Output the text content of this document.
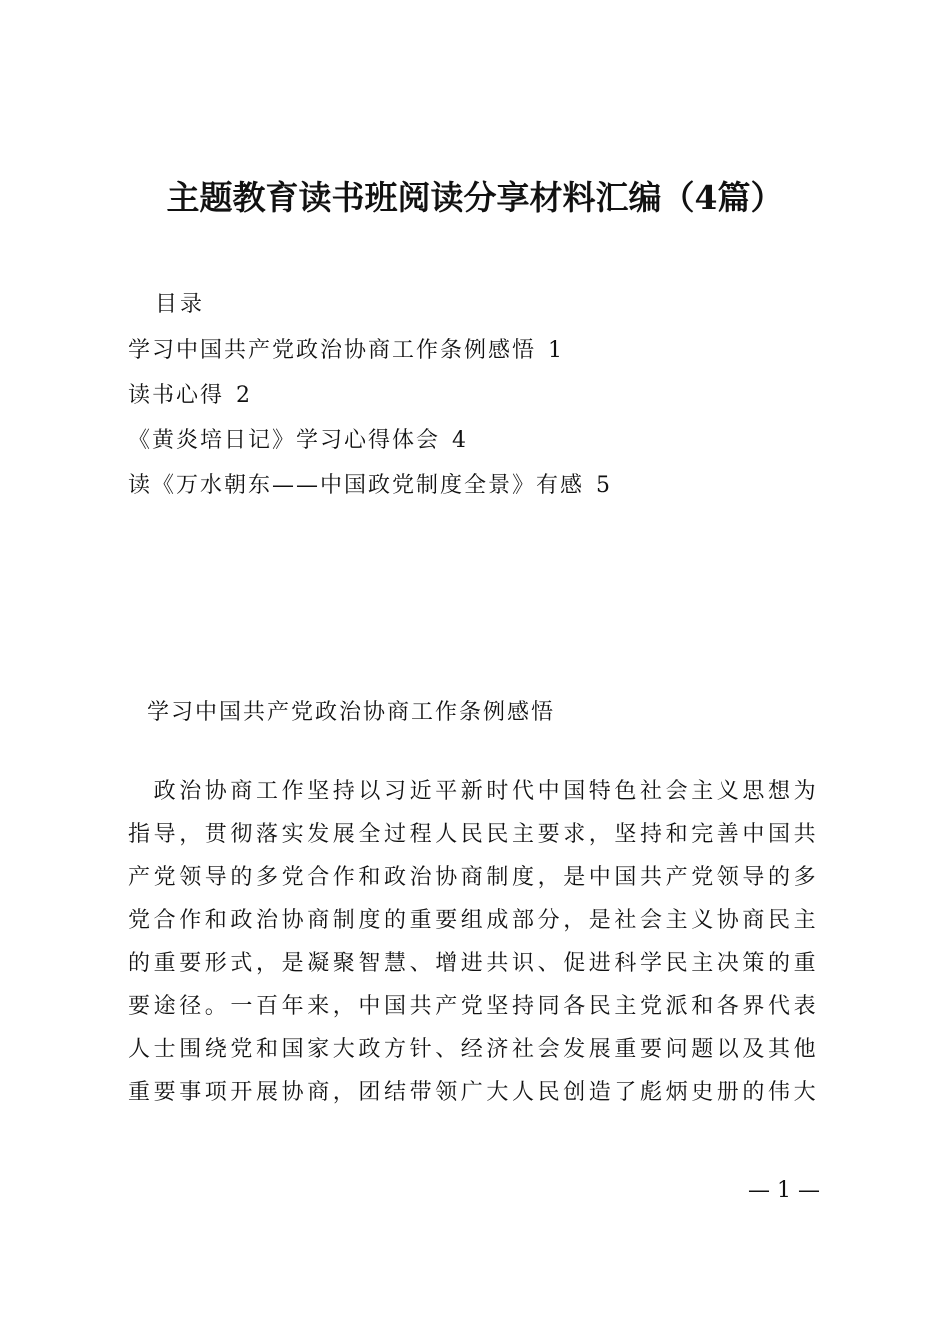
主题教育读书班阅读分享材料汇编（4篇）
目录
学习中国共产党政治协商工作条例感悟 1
读书心得 2
《黄炎培日记》学习心得体会 4
读《万水朝东——中国政党制度全景》有感 5
学习中国共产党政治协商工作条例感悟
　政治协商工作坚持以习近平新时代中国特色社会主义思想为
指导，贯彻落实发展全过程人民民主要求，坚持和完善中国共
产党领导的多党合作和政治协商制度，是中国共产党领导的多
党合作和政治协商制度的重要组成部分，是社会主义协商民主
的重要形式，是凝聚智慧、增进共识、促进科学民主决策的重
要途径。一百年来，中国共产党坚持同各民主党派和各界代表
人士围绕党和国家大政方针、经济社会发展重要问题以及其他
重要事项开展协商，团结带领广大人民创造了彪炳史册的伟大
— 1 —
